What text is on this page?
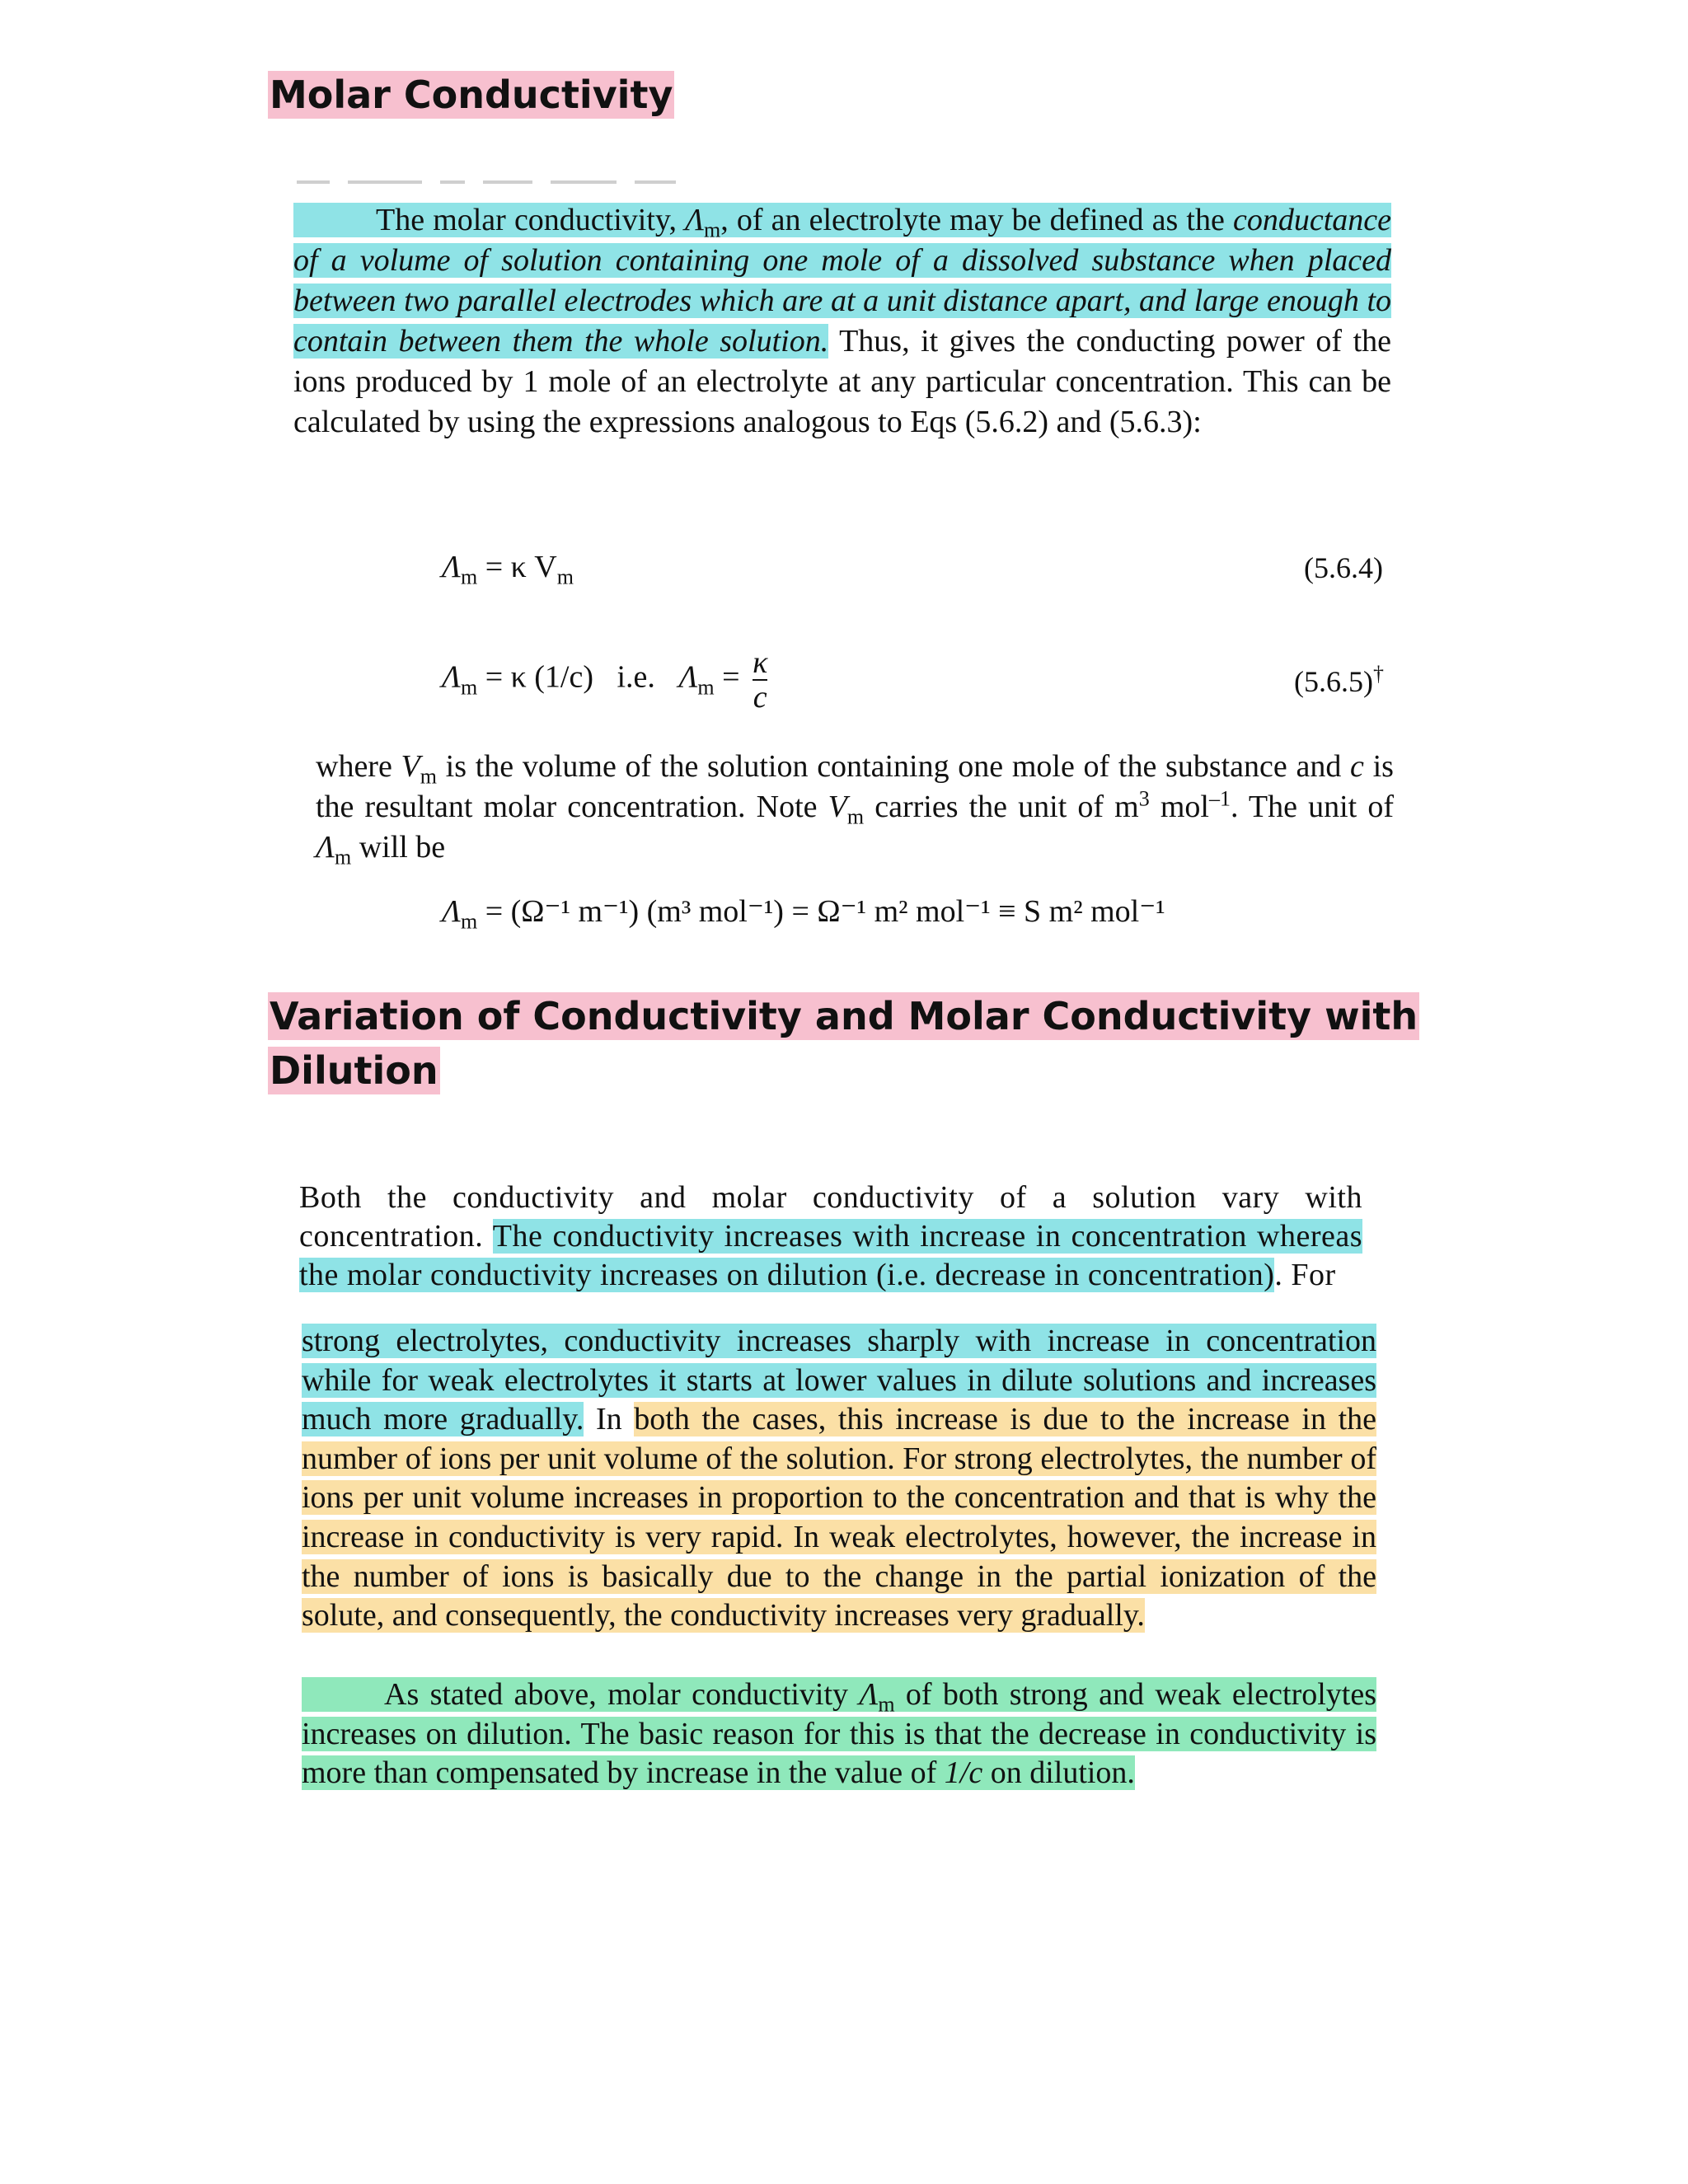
Molar Conductivity

The molar conductivity, $\Lambda_m$, of an electrolyte may be defined as the conductance of a volume of solution containing one mole of a dissolved substance when placed between two parallel electrodes which are at a unit distance apart, and large enough to contain between them the whole solution. Thus, it gives the conducting power of the ions produced by 1 mole of an electrolyte at any particular concentration. This can be calculated by using the expressions analogous to Eqs (5.6.2) and (5.6.3):

$\Lambda_m = \kappa$ $V_m$	(5.6.4)
$\Lambda_m = \kappa$ (1/c)   i.e. $\Lambda_m = \frac{\kappa}{c}$	(5.6.5)†

where $V_m$ is the volume of the solution containing one mole of the substance and c is the resultant molar concentration. Note $V_m$ carries the unit of $m^3$ mol$^{-1}$. The unit of $\Lambda_m$ will be

$\Lambda_m = (\Omega^{-1}$ m⁻¹) (m³ mol⁻¹) = Ω⁻¹ m² mol⁻¹ ≡ S m² mol⁻¹
Variation of Conductivity and Molar Conductivity with
Dilution

Both the conductivity and molar conductivity of a solution vary with concentration. The conductivity increases with increase in concentration whereas the molar conductivity increases on dilution (i.e. decrease in concentration). For

strong electrolytes, conductivity increases sharply with increase in concentration while for weak electrolytes it starts at lower values in dilute solutions and increases much more gradually. In both the cases, this increase is due to the increase in the number of ions per unit volume of the solution. For strong electrolytes, the number of ions per unit volume increases in proportion to the concentration and that is why the increase in conductivity is very rapid. In weak electrolytes, however, the increase in the number of ions is basically due to the change in the partial ionization of the solute, and consequently, the conductivity increases very gradually.

As stated above, molar conductivity $\Lambda_m$ of both strong and weak electrolytes increases on dilution. The basic reason for this is that the decrease in conductivity is more than compensated by increase in the value of 1/c on dilution.
